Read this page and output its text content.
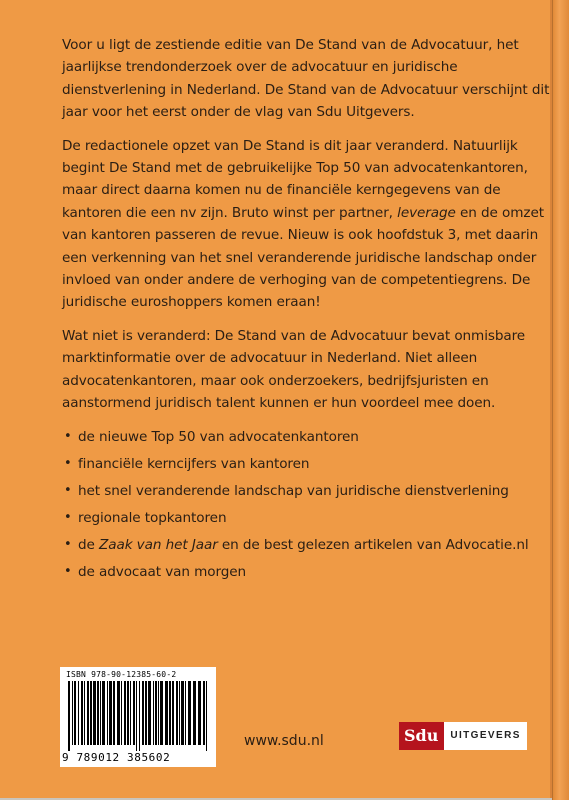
Voor u ligt de zestiende editie van De Stand van de Advocatuur, het jaarlijkse trendonderzoek over de advocatuur en juridische dienstverlening in Nederland. De Stand van de Advocatuur verschijnt dit jaar voor het eerst onder de vlag van Sdu Uitgevers.

De redactionele opzet van De Stand is dit jaar veranderd. Natuurlijk begint De Stand met de gebruikelijke Top 50 van advocatenkantoren, maar direct daarna komen nu de financiële kerngegevens van de kantoren die een nv zijn. Bruto winst per partner, leverage en de omzet van kantoren passeren de revue. Nieuw is ook hoofdstuk 3, met daarin een verkenning van het snel veranderende juridische landschap onder invloed van onder andere de verhoging van de competentiegrens. De juridische euroshoppers komen eraan!

Wat niet is veranderd: De Stand van de Advocatuur bevat onmisbare marktinformatie over de advocatuur in Nederland. Niet alleen advocatenkantoren, maar ook onderzoekers, bedrijfsjuristen en aanstormend juridisch talent kunnen er hun voordeel mee doen.

• de nieuwe Top 50 van advocatenkantoren
• financiële kerncijfers van kantoren
• het snel veranderende landschap van juridische dienstverlening
• regionale topkantoren
• de Zaak van het Jaar en de best gelezen artikelen van Advocatie.nl
• de advocaat van morgen
ISBN 978-90-12385-60-2
9 789012 385602
www.sdu.nl	Sdu	UITGEVERS
